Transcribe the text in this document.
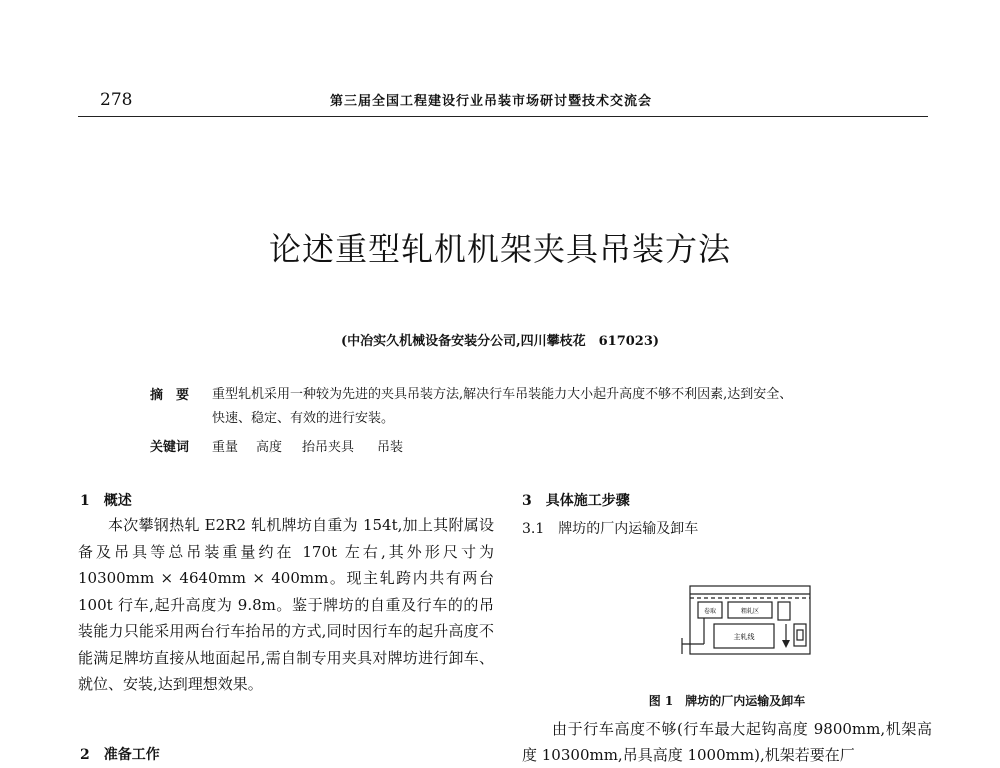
278	第三届全国工程建设行业吊装市场研讨暨技术交流会
论述重型轧机机架夹具吊装方法
(中冶实久机械设备安装分公司,四川攀枝花　617023)
摘　要 重型轧机采用一种较为先进的夹具吊装方法,解决行车吊装能力大小起升高度不够不利因素,达到安全、
快速、稳定、有效的进行安装。
关键词 重量 高度 抬吊夹具 吊装
1　概述

本次攀钢热轧 E2R2 轧机牌坊自重为 154t,加上其附属设备及吊具等总吊装重量约在 170t 左右,其外形尺寸为 10300mm × 4640mm × 400mm。现主轧跨内共有两台 100t 行车,起升高度为 9.8m。鉴于牌坊的自重及行车的的吊装能力只能采用两台行车抬吊的方式,同时因行车的起升高度不能满足牌坊直接从地面起吊,需自制专用夹具对牌坊进行卸车、就位、安装,达到理想效果。

2　准备工作
3　具体施工步骤
3.1　牌坊的厂内运输及卸车
卷取	粗轧区
主轧线
图 1　牌坊的厂内运输及卸车

由于行车高度不够(行车最大起钩高度 9800mm,机架高度 10300mm,吊具高度 1000mm),机架若要在厂
